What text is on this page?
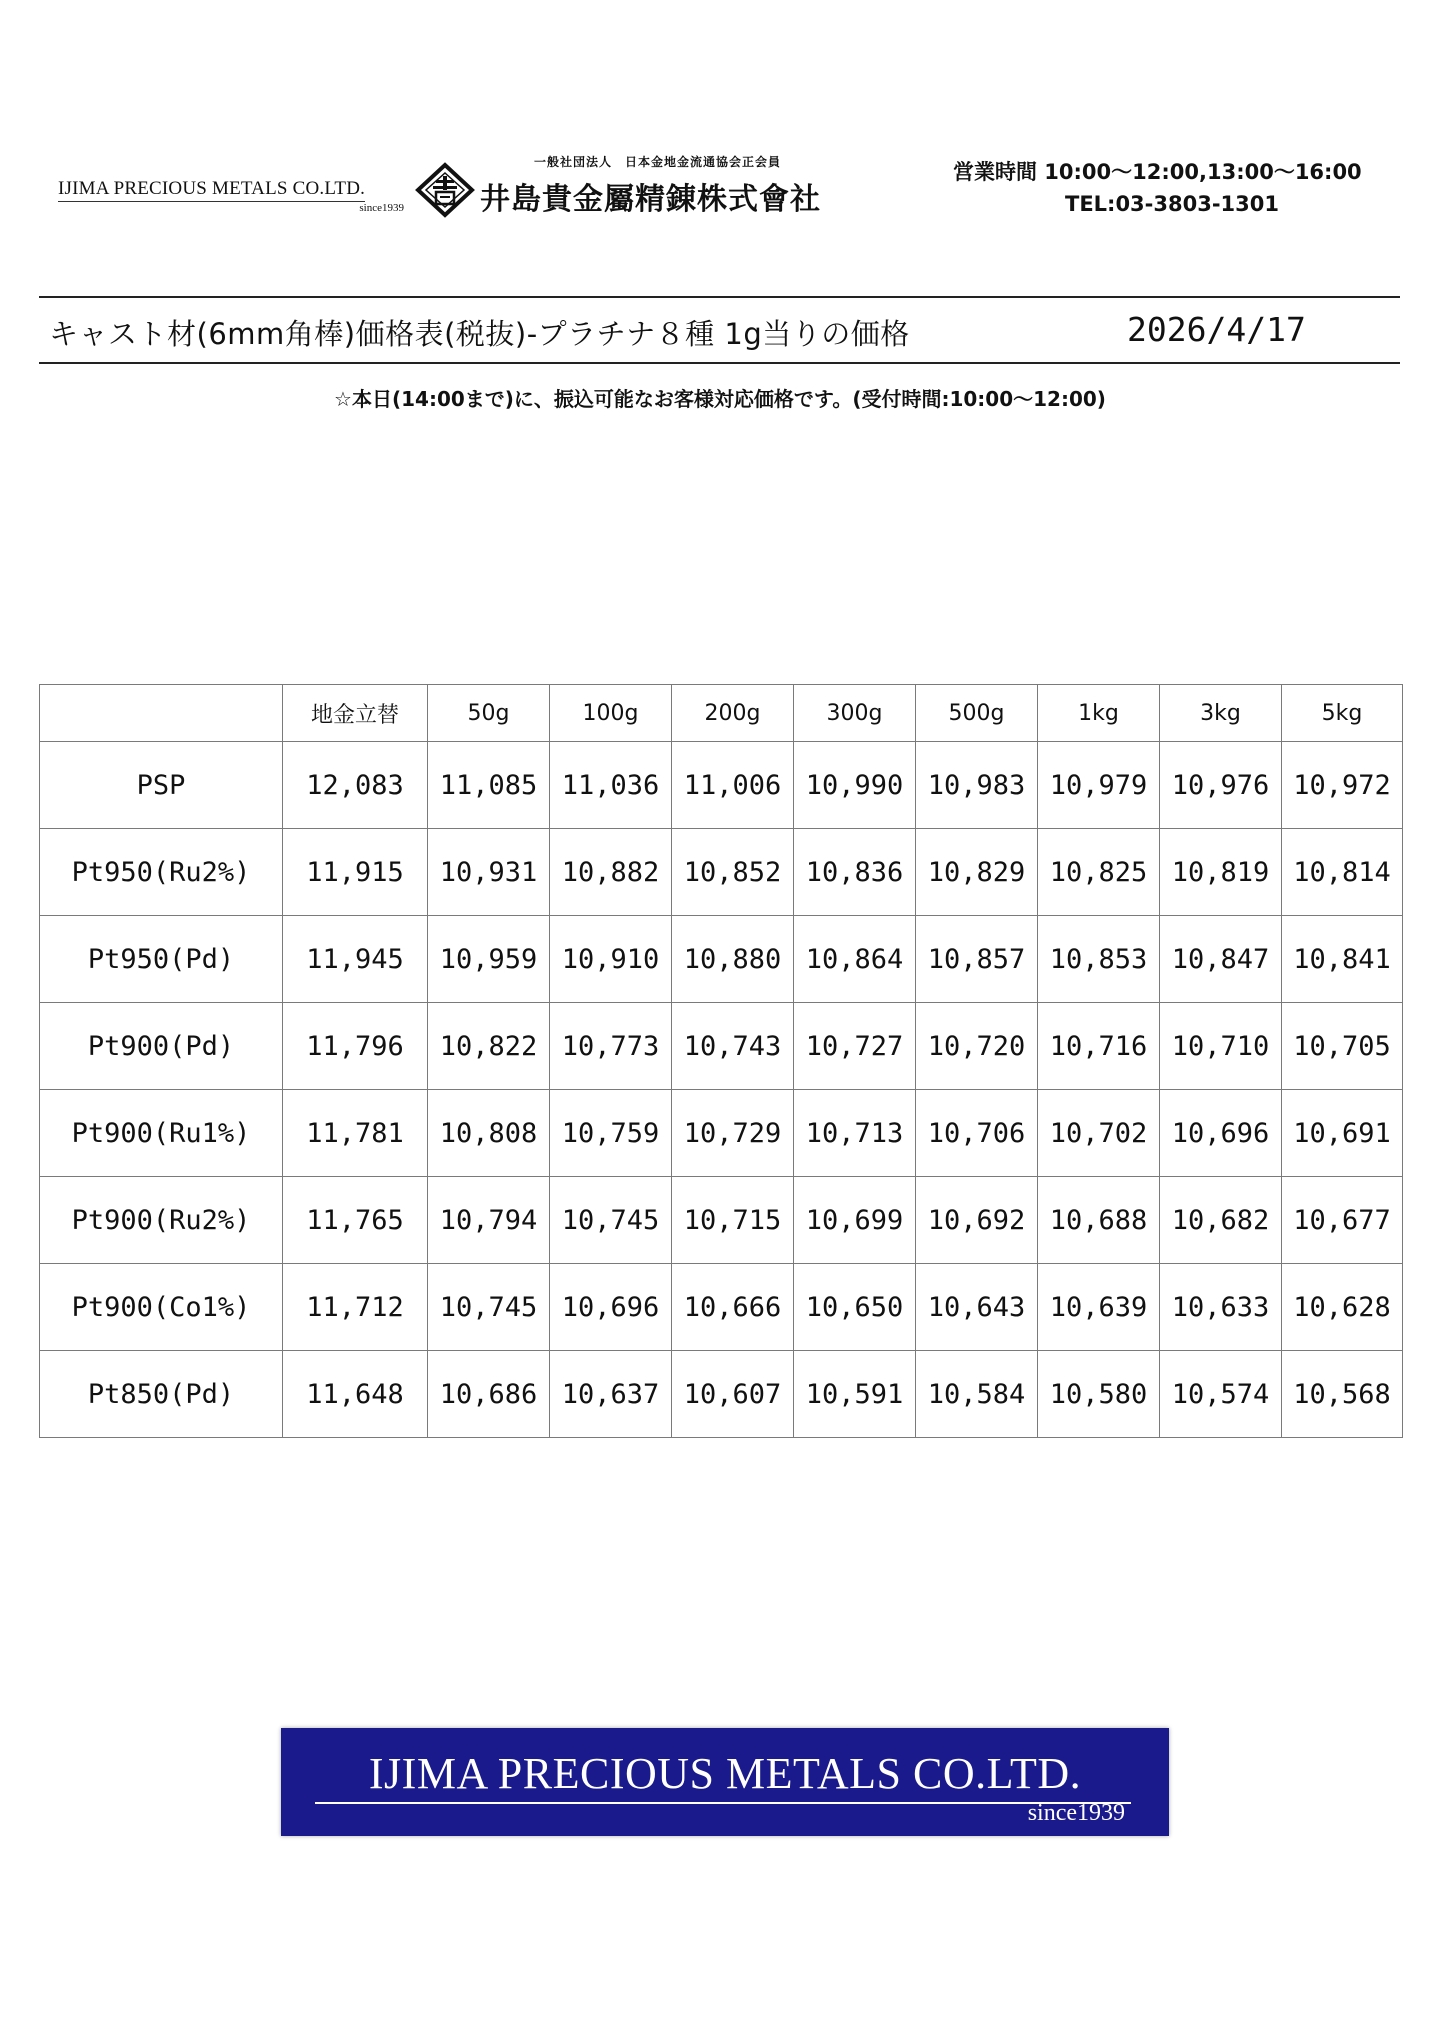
IJIMA PRECIOUS METALS CO.LTD.
since1939
一般社団法人　日本金地金流通協会正会員
井島貴金屬精錬株式會社
営業時間 10:00～12:00,13:00～16:00
TEL:03-3803-1301
キャスト材(6mm角棒)価格表(税抜)-プラチナ８種 1g当りの価格	2026/4/17
☆本日(14:00まで)に、振込可能なお客様対応価格です。(受付時間:10:00～12:00)
	地金立替	50g	100g	200g	300g	500g	1kg	3kg	5kg
PSP	12,083	11,085	11,036	11,006	10,990	10,983	10,979	10,976	10,972
Pt950(Ru2%)	11,915	10,931	10,882	10,852	10,836	10,829	10,825	10,819	10,814
Pt950(Pd)	11,945	10,959	10,910	10,880	10,864	10,857	10,853	10,847	10,841
Pt900(Pd)	11,796	10,822	10,773	10,743	10,727	10,720	10,716	10,710	10,705
Pt900(Ru1%)	11,781	10,808	10,759	10,729	10,713	10,706	10,702	10,696	10,691
Pt900(Ru2%)	11,765	10,794	10,745	10,715	10,699	10,692	10,688	10,682	10,677
Pt900(Co1%)	11,712	10,745	10,696	10,666	10,650	10,643	10,639	10,633	10,628
Pt850(Pd)	11,648	10,686	10,637	10,607	10,591	10,584	10,580	10,574	10,568
IJIMA PRECIOUS METALS CO.LTD.
since1939
